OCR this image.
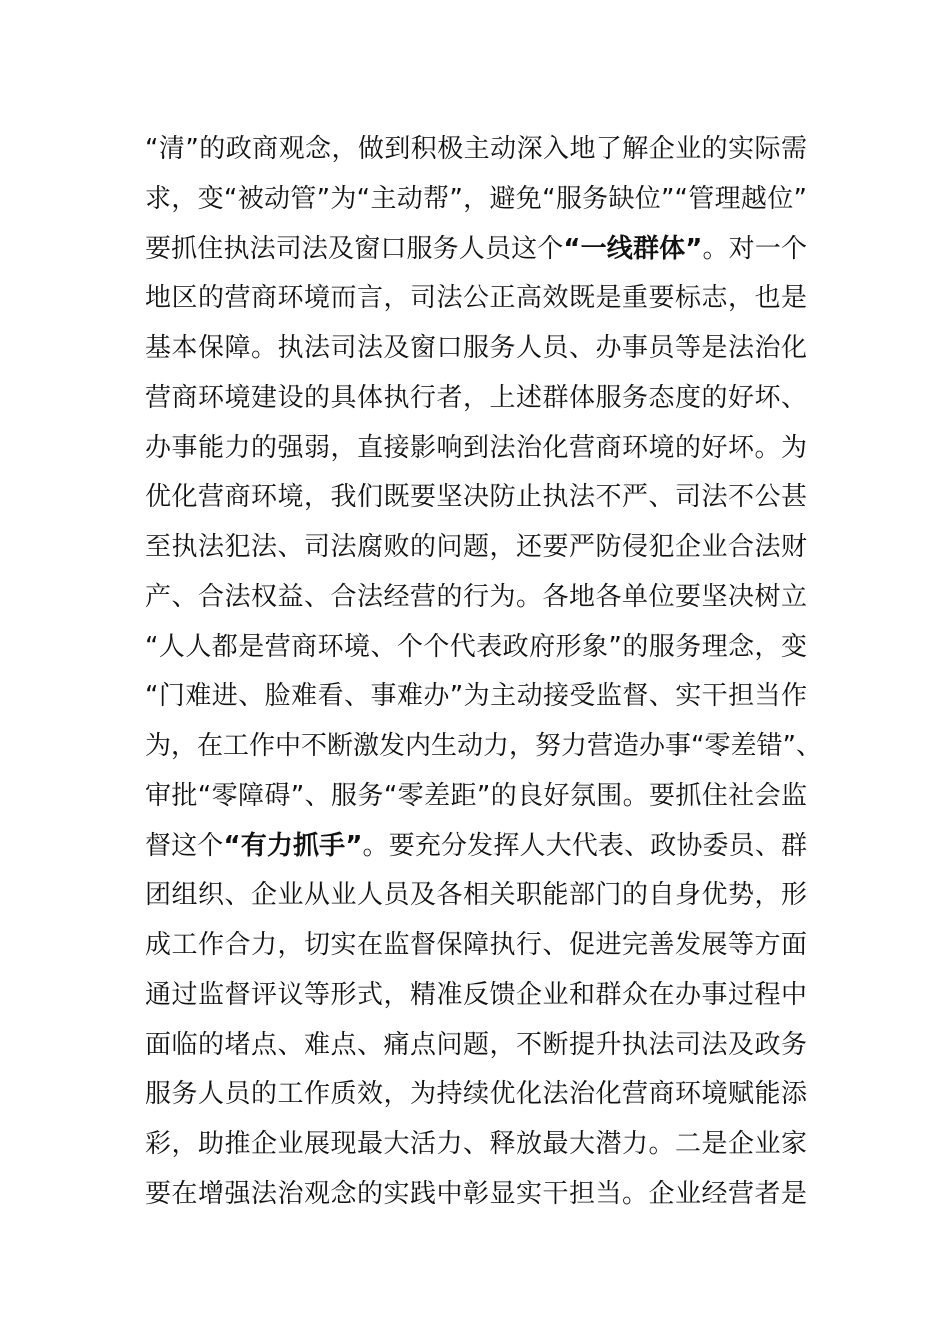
“清”的政商观念，做到积极主动深入地了解企业的实际需
求，变“被动管”为“主动帮”，避免“服务缺位”“管理越位”
要抓住执法司法及窗口服务人员这个“一线群体”。对一个
地区的营商环境而言，司法公正高效既是重要标志，也是
基本保障。执法司法及窗口服务人员、办事员等是法治化
营商环境建设的具体执行者，上述群体服务态度的好坏、
办事能力的强弱，直接影响到法治化营商环境的好坏。为
优化营商环境，我们既要坚决防止执法不严、司法不公甚
至执法犯法、司法腐败的问题，还要严防侵犯企业合法财
产、合法权益、合法经营的行为。各地各单位要坚决树立
“人人都是营商环境、个个代表政府形象”的服务理念，变
“门难进、脸难看、事难办”为主动接受监督、实干担当作
为，在工作中不断激发内生动力，努力营造办事“零差错”、
审批“零障碍”、服务“零差距”的良好氛围。要抓住社会监
督这个“有力抓手”。要充分发挥人大代表、政协委员、群
团组织、企业从业人员及各相关职能部门的自身优势，形
成工作合力，切实在监督保障执行、促进完善发展等方面
通过监督评议等形式，精准反馈企业和群众在办事过程中
面临的堵点、难点、痛点问题，不断提升执法司法及政务
服务人员的工作质效，为持续优化法治化营商环境赋能添
彩，助推企业展现最大活力、释放最大潜力。二是企业家
要在增强法治观念的实践中彰显实干担当。企业经营者是
